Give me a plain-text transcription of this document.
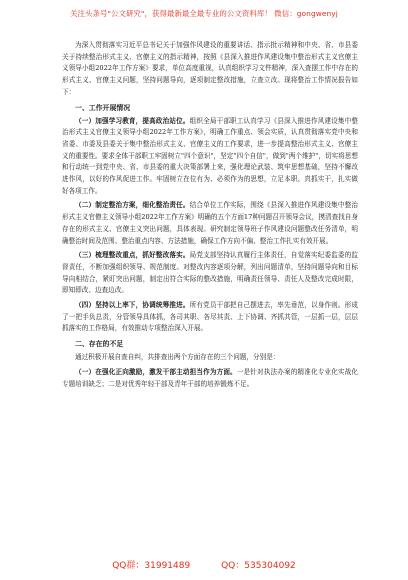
关注头条号"公文研究"，获得最新最全最专业的公文资料库！ 微信：gongwenyj

为深入贯彻落实习近平总书记关于加强作风建设的重要讲话、指示批示精神和中央、省、市县委关于持续整治形式主义、官僚主义的指示精神，按照《县深入推进作风建设集中整治形式主义官僚主义领导小组2022年工作方案》要求，单位高度重视，认真组织学习文件精神，深入查摆工作中存在的形式主义、官僚主义问题，坚持问题导向，逐项制定整改措施，立查立改。现将整治工作情况报告如下：

一、工作开展情况

（一）加强学习教育，提高政治站位。组织全局干部职工认真学习《县深入推进作风建设集中整治形式主义官僚主义领导小组2022年工作方案》，明确工作重点、领会实质，认真贯彻落实党中央和省委、市委及县委关于集中整治形式主义、官僚主义的工作要求，进一步提高整治形式主义、官僚主义的重要性。要求全体干部职工牢固树立"四个意识"，坚定"四个自信"，做到"两个维护"，切实将思想和行动统一到党中央、省、市县委的重大决策部署上来，强化理论武装、筑牢思想基础，坚持不懈改进作风，以好的作风促进工作。牢固树立在位有为、必须作为的思想，立足本职、真抓实干，扎实做好各项工作。

（二）制定整治方案，细化整治责任。结合单位工作实际，围绕《县深入推进作风建设集中整治形式主义官僚主义领导小组2022年工作方案》明确的五个方面17种问题召开领导会议，摸清查找自身存在的形式主义、官僚主义突出问题，具体表现。研究制定领导班子作风建设问题整改任务清单，明确整治时间及范围、整治重点内容、方法措施，确保工作方向不偏、整治工作扎实有效开展。

（三）梳理整改重点，抓好整改落实。局党支部坚持认真履行主体责任，自觉落实纪委监委的监督责任，不断加强组织领导、规范制度。对整改内容逐项分解，列出问题清单，坚持问题导向和目标导向相结合，紧盯突出问题，制定出符合实际的整改措施，明确责任领导、责任人及整改完成时限，即知即改、边查边改。

（四）坚持以上率下，协调统筹推进。所有党员干部把自己摆进去，率先垂范，以身作则。形成了一把手负总责，分管领导具体抓，各司其职、各尽其责、上下协调、齐抓共管，一层抓一层，层层抓落实的工作格局，有效推动专项整治深入开展。

二、存在的不足

通过积极开展自查自纠，共排查出两个方面存在的三个问题，分别是：

（一）在强化正向激励，激发干部主动担当作为方面。一是针对执法办案的精准化专业化实战化专题培训缺乏；二是对优秀年轻干部及青年干部的培养锻炼不足。

QQ群：31991489	QQ：535304092
